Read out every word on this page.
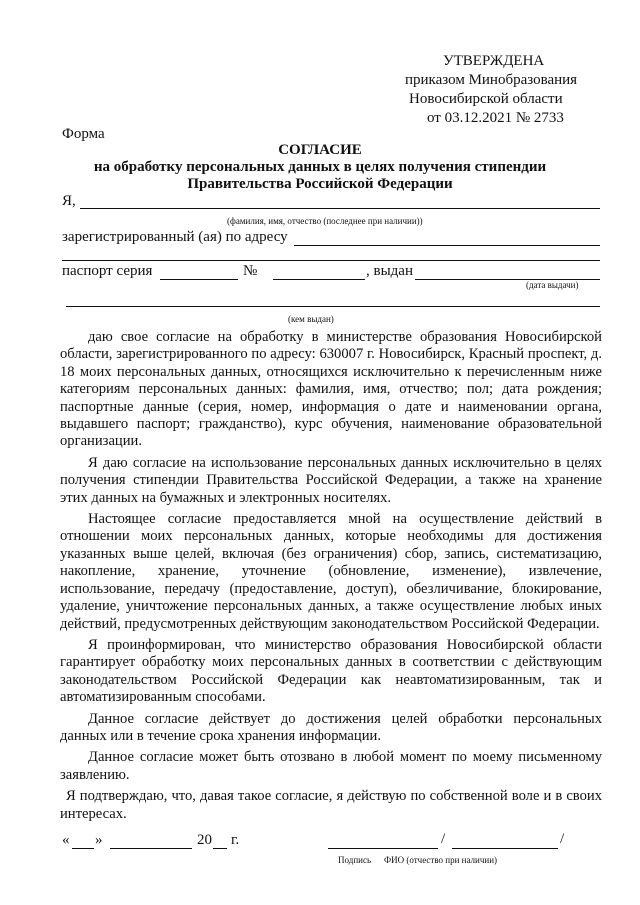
УТВЕРЖДЕНА
приказом Минобразования
Новосибирской области
от 03.12.2021 № 2733
Форма
СОГЛАСИЕ
на обработку персональных данных в целях получения стипендии
Правительства Российской Федерации
Я,
(фамилия, имя, отчество (последнее при наличии))
зарегистрированный (ая) по адресу
паспорт серия	№	, выдан
(дата выдачи)
(кем выдан)

даю свое согласие на обработку в министерстве образования Новосибирской области, зарегистрированного по адресу: 630007 г. Новосибирск, Красный проспект, д. 18 моих персональных данных, относящихся исключительно к перечисленным ниже категориям персональных данных: фамилия, имя, отчество; пол; дата рождения; паспортные данные (серия, номер, информация о дате и наименовании органа, выдавшего паспорт; гражданство), курс обучения, наименование образовательной организации.

Я даю согласие на использование персональных данных исключительно в целях получения стипендии Правительства Российской Федерации, а также на хранение этих данных на бумажных и электронных носителях.

Настоящее согласие предоставляется мной на осуществление действий в отношении моих персональных данных, которые необходимы для достижения указанных выше целей, включая (без ограничения) сбор, запись, систематизацию, накопление, хранение, уточнение (обновление, изменение), извлечение, использование, передачу (предоставление, доступ), обезличивание, блокирование, удаление, уничтожение персональных данных, а также осуществление любых иных действий, предусмотренных действующим законодательством Российской Федерации.

Я проинформирован, что министерство образования Новосибирской области гарантирует обработку моих персональных данных в соответствии с действующим законодательством Российской Федерации как неавтоматизированным, так и автоматизированным способами.

Данное согласие действует до достижения целей обработки персональных данных или в течение срока хранения информации.

Данное согласие может быть отозвано в любой момент по моему письменному заявлению.

Я подтверждаю, что, давая такое согласие, я действую по собственной воле и в своих интересах.

« »	20 г.	/	/
Подпись ФИО (отчество при наличии)
